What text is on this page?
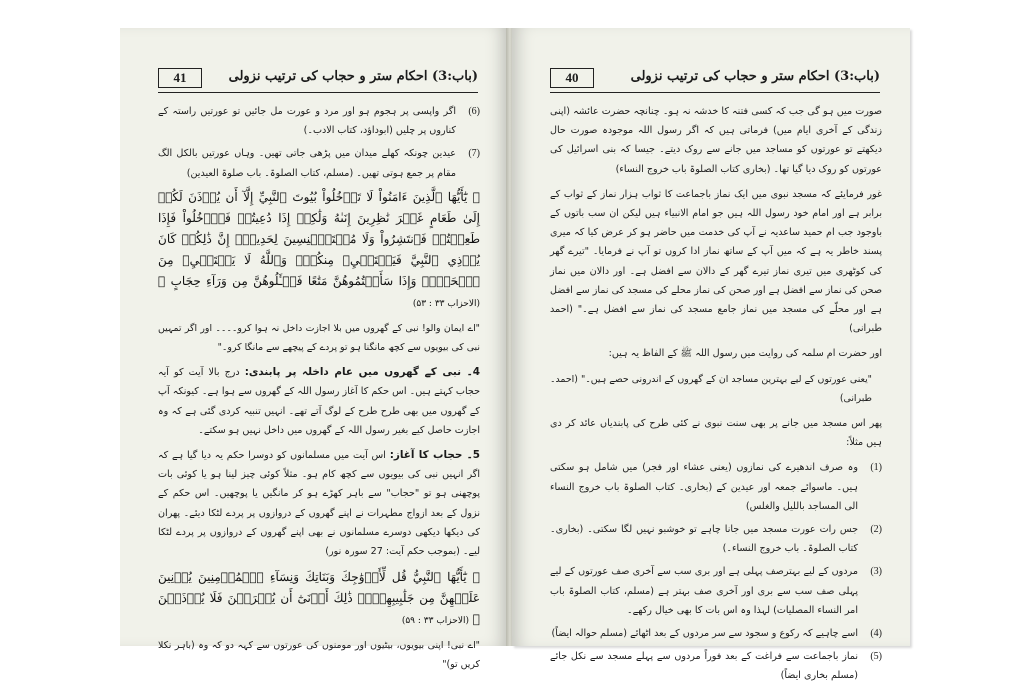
(باب:3) احکام ستر و حجاب کی ترتیب نزولی
41
(6)
اگر واپسی پر ہجوم ہو اور مرد و عورت مل جائیں تو عورتیں راستہ کے کناروں پر چلیں (ابوداؤد، کتاب الادب۔)
(7)
عیدین چونکہ کھلے میدان میں پڑھی جاتی تھیں۔ وہاں عورتیں بالکل الگ مقام پر جمع ہوتی تھیں۔ (مسلم، کتاب الصلوۃ۔ باب صلوۃ العیدین)
﴿ يَٰٓأَيُّهَا ٱلَّذِينَ ءَامَنُواْ لَا تَدۡخُلُواْ بُيُوتَ ٱلنَّبِيِّ إِلَّآ أَن يُؤۡذَنَ لَكُمۡ إِلَىٰ طَعَامٍ غَيۡرَ نَٰظِرِينَ إِنَىٰهُ وَلَٰكِنۡ إِذَا دُعِيتُمۡ فَٱدۡخُلُواْ فَإِذَا طَعِمۡتُمۡ فَٱنتَشِرُواْ وَلَا مُسۡتَـٔۡنِسِينَ لِحَدِيثٍۚ إِنَّ ذَٰلِكُمۡ كَانَ يُؤۡذِي ٱلنَّبِيَّ فَيَسۡتَحۡيِۦ مِنكُمۡۖ وَٱللَّهُ لَا يَسۡتَحۡيِۦ مِنَ ٱلۡحَقِّۚ وَإِذَا سَأَلۡتُمُوهُنَّ مَتَٰعًا فَسۡـَٔلُوهُنَّ مِن وَرَآءِ حِجَابٍ ﴾ (الاحزاب ۳۳ : ۵۳)

"اے ایمان والو! نبی کے گھروں میں بلا اجازت داخل نہ ہوا کرو۔۔۔۔ اور اگر تمہیں نبی کی بیویوں سے کچھ مانگنا ہو تو پردے کے پیچھے سے مانگا کرو۔"

4۔ نبی کے گھروں میں عام داخلہ پر پابندی: درج بالا آیت کو آیہ حجاب کہتے ہیں۔ اس حکم کا آغاز رسول اللہ کے گھروں سے ہوا ہے۔ کیونکہ آپ کے گھروں میں بھی طرح طرح کے لوگ آتے تھے۔ انہیں تنبیہ کردی گئی ہے کہ وہ اجازت حاصل کیے بغیر رسول اللہ کے گھروں میں داخل نہیں ہو سکتے۔

5۔ حجاب کا آغاز: اس آیت میں مسلمانوں کو دوسرا حکم یہ دیا گیا ہے کہ اگر انہیں نبی کی بیویوں سے کچھ کام ہو۔ مثلاً کوئی چیز لینا ہو یا کوئی بات پوچھنی ہو تو "حجاب" سے باہر کھڑے ہو کر مانگیں یا پوچھیں۔ اس حکم کے نزول کے بعد ازواج مطہرات نے اپنے گھروں کے دروازوں پر پردے لٹکا دیئے۔ پھران کی دیکھا دیکھی دوسرے مسلمانوں نے بھی اپنے گھروں کے دروازوں پر پردے لٹکا لیے۔ (بموجب حکم آیت: 27 سورہ نور)

﴿ يَٰٓأَيُّهَا ٱلنَّبِيُّ قُل لِّأَزۡوَٰجِكَ وَبَنَاتِكَ وَنِسَآءِ ٱلۡمُؤۡمِنِينَ يُدۡنِينَ عَلَيۡهِنَّ مِن جَلَٰبِيبِهِنَّۚ ذَٰلِكَ أَدۡنَىٰٓ أَن يُعۡرَفۡنَ فَلَا يُؤۡذَيۡنَ ﴾ (الاحزاب ۳۳ : ۵۹)

"اے نبی! اپنی بیویوں، بیٹیوں اور مومنوں کی عورتوں سے کہہ دو کہ وہ (باہر نکلا کریں تو)"

(باب:3) احکام ستر و حجاب کی ترتیب نزولی
40

صورت میں ہو گی جب کہ کسی فتنہ کا خدشہ نہ ہو۔ چنانچہ حضرت عائشہ (اپنی زندگی کے آخری ایام میں) فرماتی ہیں کہ اگر رسول اللہ موجودہ صورت حال دیکھتے تو عورتوں کو مساجد میں جانے سے روک دیتے۔ جیسا کہ بنی اسرائیل کی عورتوں کو روک دیا گیا تھا۔ (بخاری کتاب الصلوۃ باب خروج النساء)

غور فرمایئے کہ مسجد نبوی میں ایک نماز باجماعت کا ثواب ہزار نماز کے ثواب کے برابر ہے اور امام خود رسول اللہ ہیں جو امام الانبیاء ہیں لیکن ان سب باتوں کے باوجود جب ام حمید ساعدیہ نے آپ کی خدمت میں حاضر ہو کر عرض کیا کہ میری پسند خاطر یہ ہے کہ میں آپ کے ساتھ نماز ادا کروں تو آپ نے فرمایا۔ "تیرے گھر کی کوٹھری میں تیری نماز تیرے گھر کے دالان سے افضل ہے۔ اور دالان میں نماز صحن کی نماز سے افضل ہے اور صحن کی نماز محلے کی مسجد کی نماز سے افضل ہے اور محلّے کی مسجد میں نماز جامع مسجد کی نماز سے افضل ہے۔" (احمد طبرانی)

اور حضرت ام سلمہ کی روایت میں رسول اللہ ﷺ کے الفاظ یہ ہیں:

"یعنی عورتوں کے لیے بہترین مساجد ان کے گھروں کے اندرونی حصے ہیں۔" (احمد۔ طبرانی)

پھر اس مسجد میں جانے پر بھی سنت نبوی نے کئی طرح کی پابندیاں عائد کر دی ہیں مثلاً:

(1)
وہ صرف اندھیرے کی نمازوں (یعنی عشاء اور فجر) میں شامل ہو سکتی ہیں۔ ماسوائے جمعہ اور عیدین کے (بخاری۔ کتاب الصلوۃ باب خروج النساء الی المساجد باللیل والغلس)
(2)
جس رات عورت مسجد میں جانا چاہے تو خوشبو نہیں لگا سکتی۔ (بخاری۔ کتاب الصلوۃ۔ باب خروج النساء۔)
(3)
مردوں کے لیے بہترصف پہلی ہے اور بری سب سے آخری صف عورتوں کے لیے پہلی صف سب سے بری اور آخری صف بہتر ہے (مسلم، کتاب الصلوۃ باب امر النساء المصلیات) لہذا وہ اس بات کا بھی خیال رکھے۔
(4)
اسے چاہیے کہ رکوع و سجود سے سر مردوں کے بعد اٹھائے (مسلم حوالہ ایضاً)
(5)
نماز باجماعت سے فراغت کے بعد فوراً مردوں سے پہلے مسجد سے نکل جائے (مسلم بخاری ایضاً)
